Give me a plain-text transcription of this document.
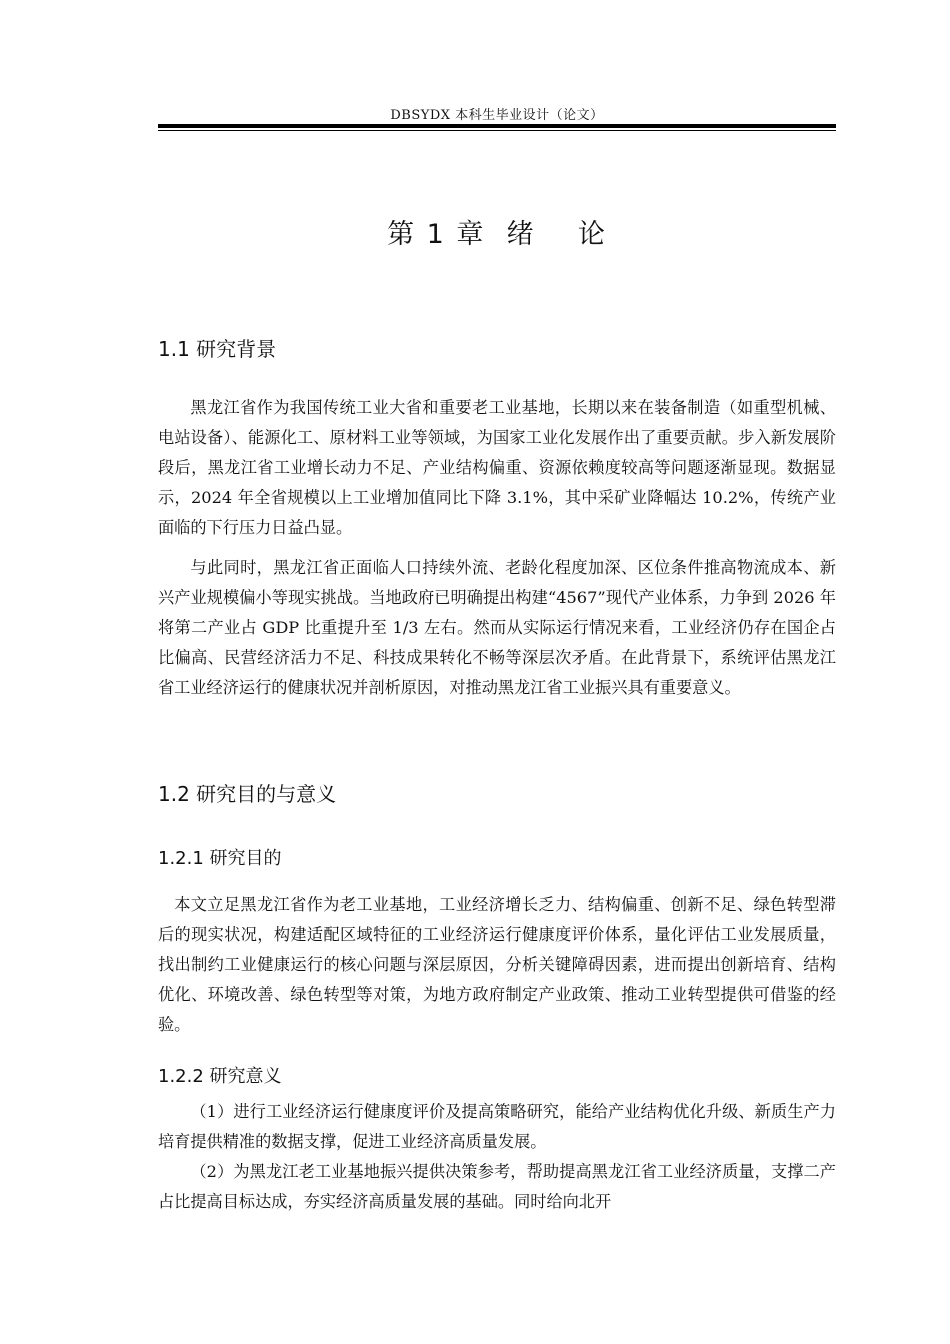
DBSYDX 本科生毕业设计（论文）
第 1 章  绪    论
1.1 研究背景

黑龙江省作为我国传统工业大省和重要老工业基地，长期以来在装备制造（如重型机械、电站设备）、能源化工、原材料工业等领域，为国家工业化发展作出了重要贡献。步入新发展阶段后，黑龙江省工业增长动力不足、产业结构偏重、资源依赖度较高等问题逐渐显现。数据显示，2024 年全省规模以上工业增加值同比下降 3.1%，其中采矿业降幅达 10.2%，传统产业面临的下行压力日益凸显。

与此同时，黑龙江省正面临人口持续外流、老龄化程度加深、区位条件推高物流成本、新兴产业规模偏小等现实挑战。当地政府已明确提出构建“4567”现代产业体系，力争到 2026 年将第二产业占 GDP 比重提升至 1/3 左右。然而从实际运行情况来看，工业经济仍存在国企占比偏高、民营经济活力不足、科技成果转化不畅等深层次矛盾。在此背景下，系统评估黑龙江省工业经济运行的健康状况并剖析原因，对推动黑龙江省工业振兴具有重要意义。

1.2 研究目的与意义
1.2.1 研究目的

本文立足黑龙江省作为老工业基地，工业经济增长乏力、结构偏重、创新不足、绿色转型滞后的现实状况，构建适配区域特征的工业经济运行健康度评价体系，量化评估工业发展质量，找出制约工业健康运行的核心问题与深层原因，分析关键障碍因素，进而提出创新培育、结构优化、环境改善、绿色转型等对策，为地方政府制定产业政策、推动工业转型提供可借鉴的经验。

1.2.2 研究意义

（1）进行工业经济运行健康度评价及提高策略研究，能给产业结构优化升级、新质生产力培育提供精准的数据支撑，促进工业经济高质量发展。

（2）为黑龙江老工业基地振兴提供决策参考，帮助提高黑龙江省工业经济质量，支撑二产占比提高目标达成，夯实经济高质量发展的基础。同时给向北开
